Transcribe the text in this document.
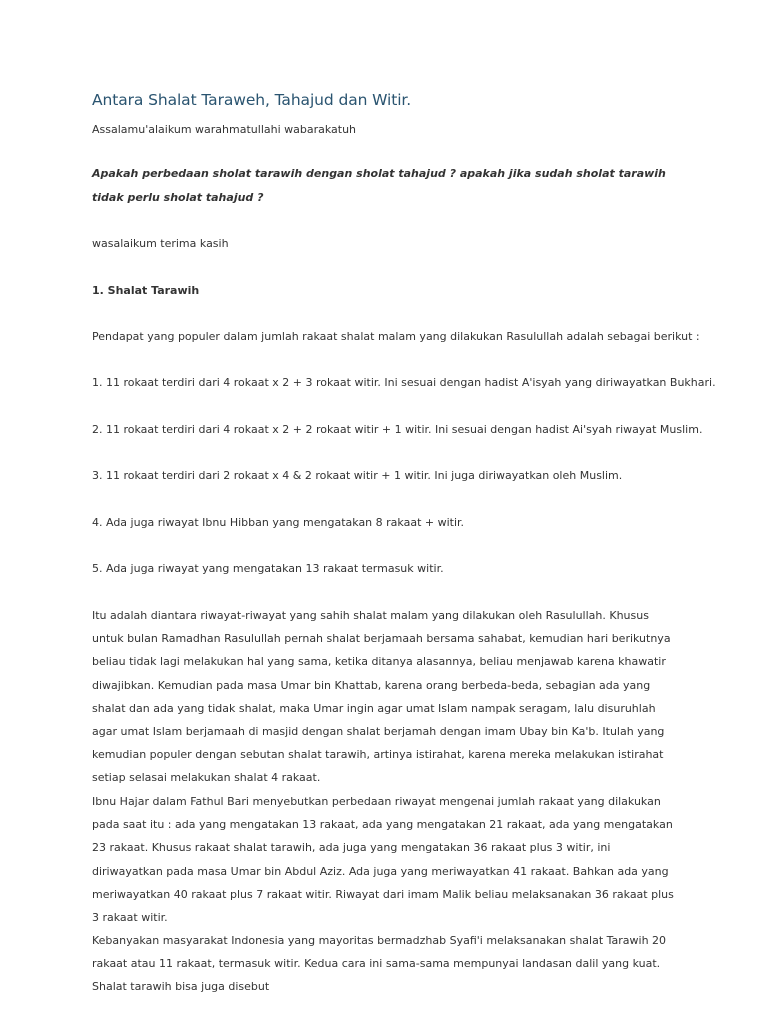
Antara Shalat Taraweh, Tahajud dan Witir.

Assalamu'alaikum warahmatullahi wabarakatuh

Apakah perbedaan sholat tarawih dengan sholat tahajud ? apakah jika sudah sholat tarawih tidak perlu sholat tahajud ?

wasalaikum terima kasih

1. Shalat Tarawih

Pendapat yang populer dalam jumlah rakaat shalat malam yang dilakukan Rasulullah adalah sebagai berikut :

1. 11 rokaat terdiri dari 4 rokaat x 2 + 3 rokaat witir. Ini sesuai dengan hadist A'isyah yang diriwayatkan Bukhari.

2. 11 rokaat terdiri dari 4 rokaat x 2 + 2 rokaat witir + 1 witir. Ini sesuai dengan hadist Ai'syah riwayat Muslim.

3. 11 rokaat terdiri dari 2 rokaat x 4 & 2 rokaat witir + 1 witir. Ini juga diriwayatkan oleh Muslim.

4. Ada juga riwayat Ibnu Hibban yang mengatakan 8 rakaat + witir.

5. Ada juga riwayat yang mengatakan 13 rakaat termasuk witir.

Itu adalah diantara riwayat-riwayat yang sahih shalat malam yang dilakukan oleh Rasulullah. Khusus untuk bulan Ramadhan Rasulullah pernah shalat berjamaah bersama sahabat, kemudian hari berikutnya beliau tidak lagi melakukan hal yang sama, ketika ditanya alasannya, beliau menjawab karena khawatir diwajibkan. Kemudian pada masa Umar bin Khattab, karena orang berbeda-beda, sebagian ada yang shalat dan ada yang tidak shalat, maka Umar ingin agar umat Islam nampak seragam, lalu disuruhlah agar umat Islam berjamaah di masjid dengan shalat berjamah dengan imam Ubay bin Ka'b. Itulah yang kemudian populer dengan sebutan shalat tarawih, artinya istirahat, karena mereka melakukan istirahat setiap selasai melakukan shalat 4 rakaat.

Ibnu Hajar dalam Fathul Bari menyebutkan perbedaan riwayat mengenai jumlah rakaat yang dilakukan pada saat itu : ada yang mengatakan 13 rakaat, ada yang mengatakan 21 rakaat, ada yang mengatakan 23 rakaat. Khusus rakaat shalat tarawih, ada juga yang mengatakan 36 rakaat plus 3 witir, ini diriwayatkan pada masa Umar bin Abdul Aziz. Ada juga yang meriwayatkan 41 rakaat. Bahkan ada yang meriwayatkan 40 rakaat plus 7 rakaat witir. Riwayat dari imam Malik beliau melaksanakan 36 rakaat plus 3 rakaat witir.

Kebanyakan masyarakat Indonesia yang mayoritas bermadzhab Syafi'i melaksanakan shalat Tarawih 20 rakaat atau 11 rakaat, termasuk witir. Kedua cara ini sama-sama mempunyai landasan dalil yang kuat. Shalat tarawih bisa juga disebut
